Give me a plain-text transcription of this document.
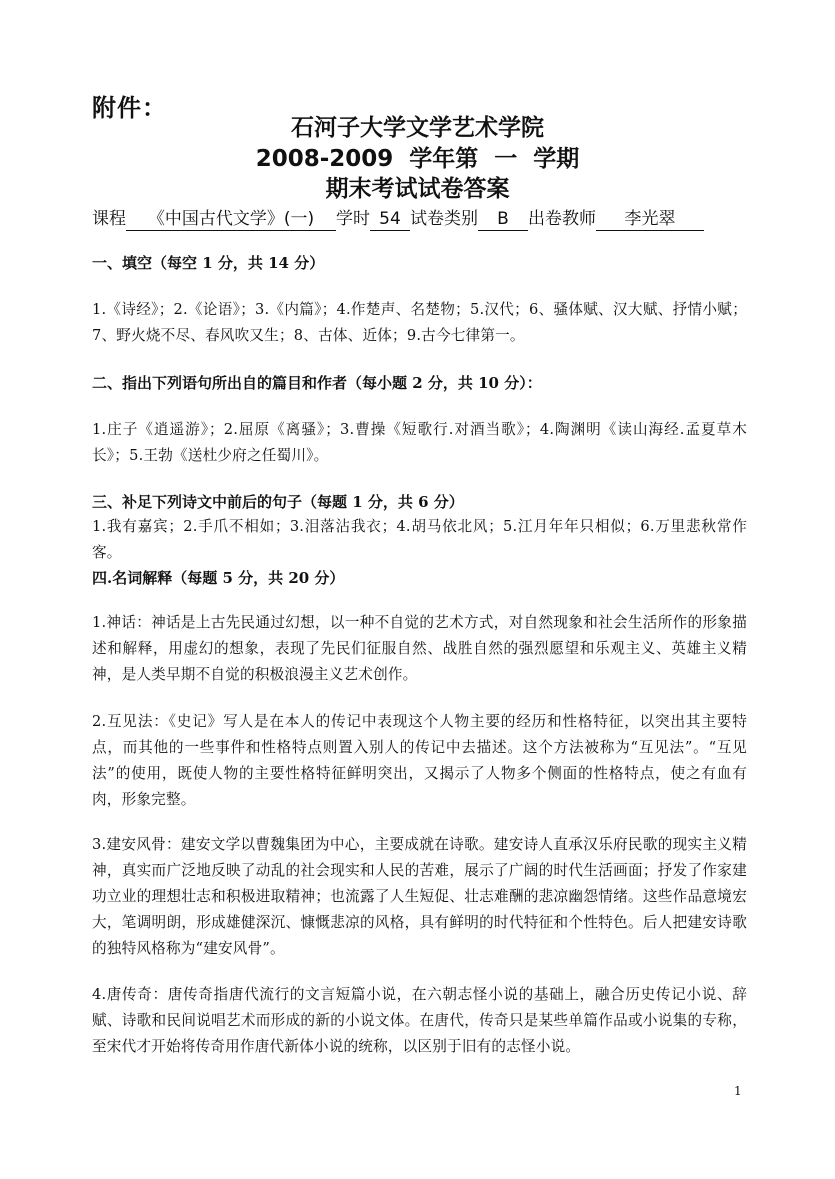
附件：
石河子大学文学艺术学院
2008-2009  学年第  一  学期
期末考试试卷答案
课程 《中国古代文学》(一) 学时 54 试卷类别 B 出卷教师 李光翠
一、填空（每空 1 分，共 14 分）
1.《诗经》；2.《论语》；3.《内篇》；4.作楚声、名楚物；5.汉代；6、骚体赋、汉大赋、抒情小赋；7、野火烧不尽、春风吹又生；8、古体、近体；9.古今七律第一。
二、指出下列语句所出自的篇目和作者（每小题 2 分，共 10 分）：
1.庄子《逍遥游》；2.屈原《离骚》；3.曹操《短歌行.对酒当歌》；4.陶渊明《读山海经.孟夏草木长》；5.王勃《送杜少府之任蜀川》。
三、补足下列诗文中前后的句子（每题 1 分，共 6 分）
1.我有嘉宾；2.手爪不相如；3.泪落沾我衣；4.胡马依北风；5.江月年年只相似；6.万里悲秋常作客。
四.名词解释（每题 5 分，共 20 分）
1.神话：神话是上古先民通过幻想，以一种不自觉的艺术方式，对自然现象和社会生活所作的形象描述和解释，用虚幻的想象，表现了先民们征服自然、战胜自然的强烈愿望和乐观主义、英雄主义精神，是人类早期不自觉的积极浪漫主义艺术创作。
2.互见法：《史记》写人是在本人的传记中表现这个人物主要的经历和性格特征，以突出其主要特点，而其他的一些事件和性格特点则置入别人的传记中去描述。这个方法被称为“互见法”。“互见法”的使用，既使人物的主要性格特征鲜明突出，又揭示了人物多个侧面的性格特点，使之有血有肉，形象完整。
3.建安风骨：建安文学以曹魏集团为中心，主要成就在诗歌。建安诗人直承汉乐府民歌的现实主义精神，真实而广泛地反映了动乱的社会现实和人民的苦难，展示了广阔的时代生活画面；抒发了作家建功立业的理想壮志和积极进取精神；也流露了人生短促、壮志难酬的悲凉幽怨情绪。这些作品意境宏大，笔调明朗，形成雄健深沉、慷慨悲凉的风格，具有鲜明的时代特征和个性特色。后人把建安诗歌的独特风格称为“建安风骨”。
4.唐传奇：唐传奇指唐代流行的文言短篇小说，在六朝志怪小说的基础上，融合历史传记小说、辞赋、诗歌和民间说唱艺术而形成的新的小说文体。在唐代，传奇只是某些单篇作品或小说集的专称，至宋代才开始将传奇用作唐代新体小说的统称，以区别于旧有的志怪小说。
1
